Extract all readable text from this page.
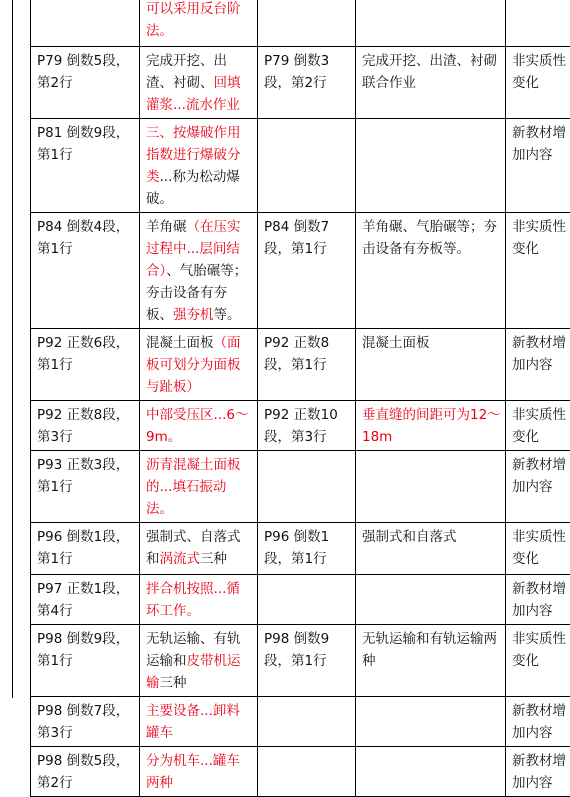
	可以采用反台阶法。			
P79 倒数5段，第2行	完成开挖、出渣、衬砌、回填灌浆...流水作业	P79 倒数3段，第2行	完成开挖、出渣、衬砌联合作业	非实质性变化
P81 倒数9段，第1行	三、按爆破作用指数进行爆破分类...称为松动爆破。			新教材增加内容
P84 倒数4段，第1行	羊角碾（在压实过程中...层间结合）、气胎碾等；夯击设备有夯板、强夯机等。	P84 倒数7段，第1行	羊角碾、气胎碾等；夯击设备有夯板等。	非实质性变化
P92 正数6段，第1行	混凝土面板（面板可划分为面板与趾板）	P92 正数8段，第1行	混凝土面板	新教材增加内容
P92 正数8段，第3行	中部受压区...6～9m。	P92 正数10段，第3行	垂直缝的间距可为12～18m	非实质性变化
P93 正数3段，第1行	沥青混凝土面板的...填石振动法。			新教材增加内容
P96 倒数1段，第1行	强制式、自落式和涡流式三种	P96 倒数1段，第1行	强制式和自落式	非实质性变化
P97 正数1段，第4行	拌合机按照...循环工作。			新教材增加内容
P98 倒数9段，第1行	无轨运输、有轨运输和皮带机运输三种	P98 倒数9段，第1行	无轨运输和有轨运输两种	非实质性变化
P98 倒数7段，第3行	主要设备...卸料罐车			新教材增加内容
P98 倒数5段，第2行	分为机车...罐车两种			新教材增加内容
